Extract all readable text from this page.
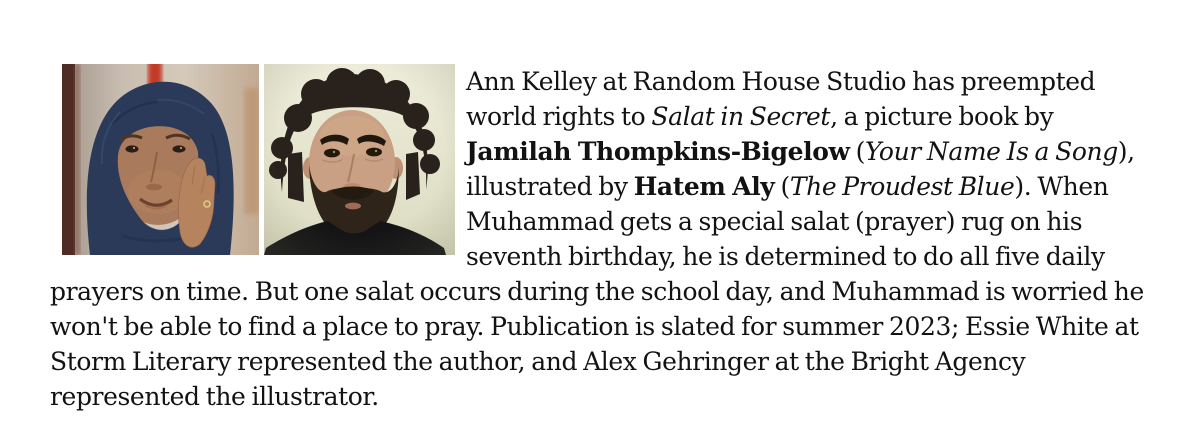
Ann Kelley at Random House Studio has preempted world rights to Salat in Secret, a picture book by Jamilah Thompkins-Bigelow (Your Name Is a Song), illustrated by Hatem Aly (The Proudest Blue). When Muhammad gets a special salat (prayer) rug on his seventh birthday, he is determined to do all five daily prayers on time. But one salat occurs during the school day, and Muhammad is worried he won't be able to find a place to pray. Publication is slated for summer 2023; Essie White at Storm Literary represented the author, and Alex Gehringer at the Bright Agency represented the illustrator.
